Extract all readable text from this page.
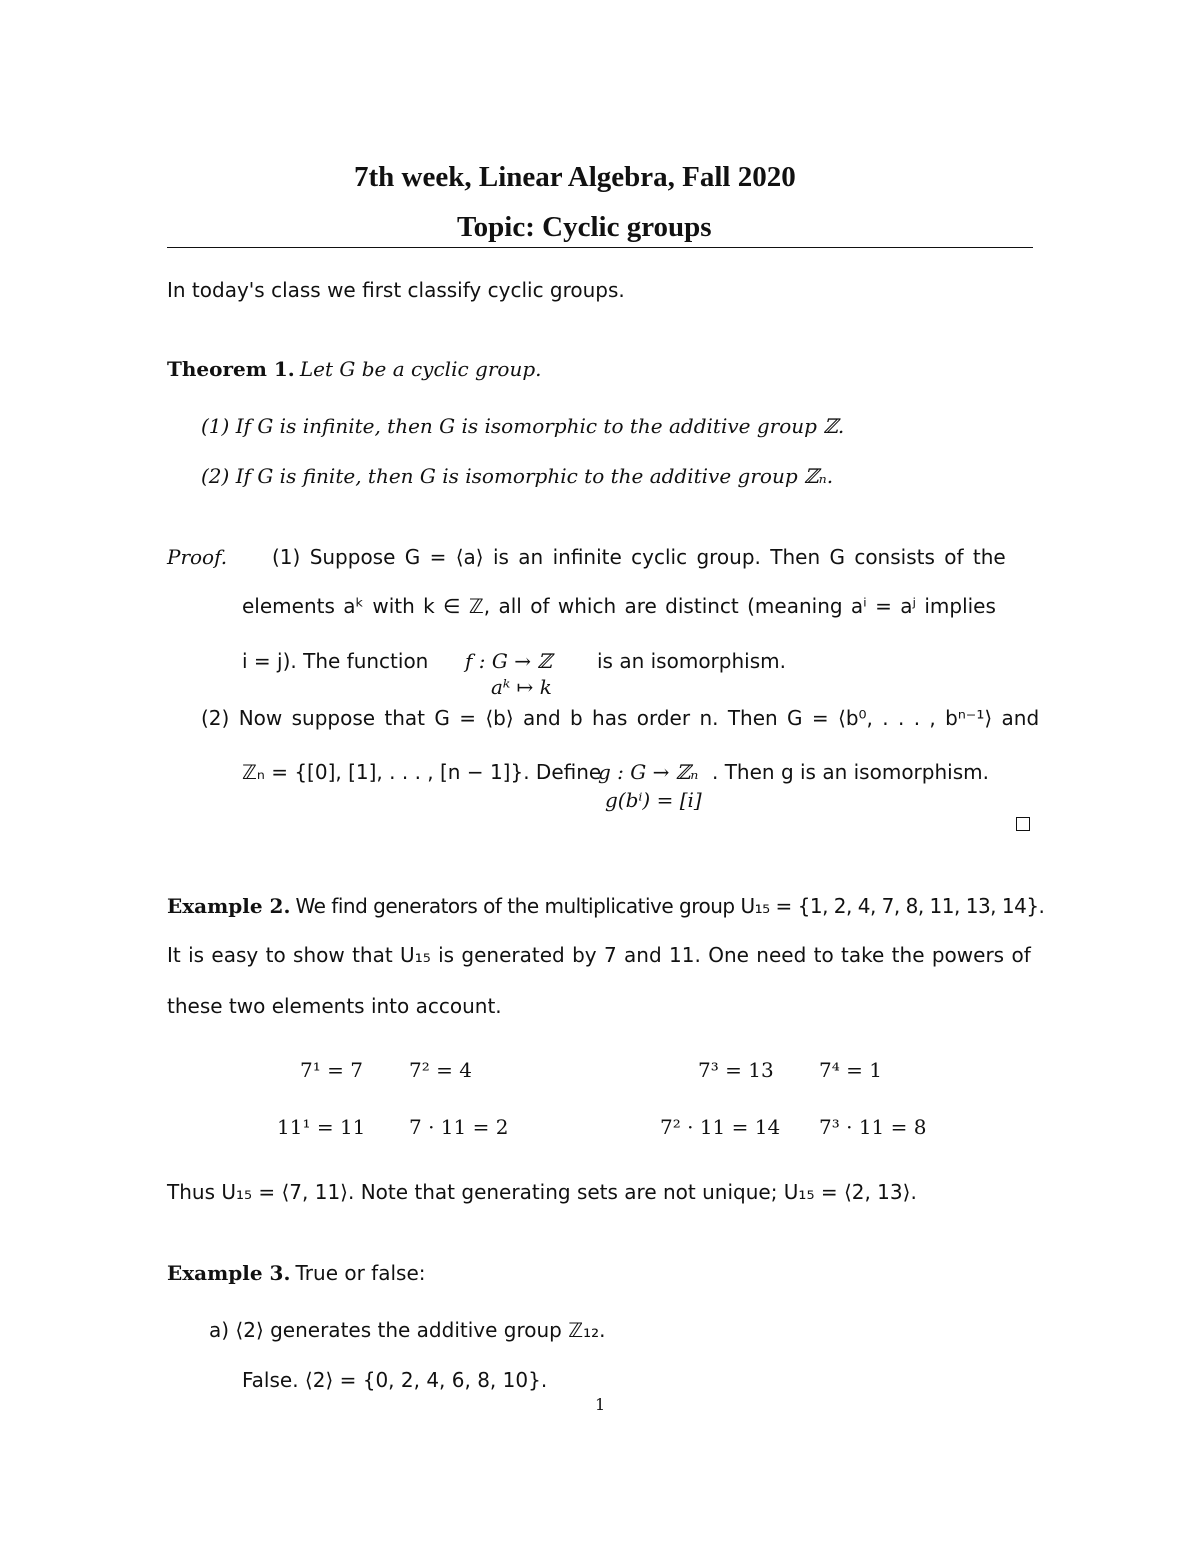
7th week, Linear Algebra, Fall 2020
Topic: Cyclic groups
In today's class we first classify cyclic groups.
Theorem 1. Let G be a cyclic group.
(1) If G is infinite, then G is isomorphic to the additive group ℤ.
(2) If G is finite, then G is isomorphic to the additive group ℤₙ.
Proof. (1) Suppose G = ⟨a⟩ is an infinite cyclic group. Then G consists of the
elements aᵏ with k ∈ ℤ, all of which are distinct (meaning aⁱ = aʲ implies
i = j). The function f : G → ℤ
aᵏ ↦ k
is an isomorphism.
(2) Now suppose that G = ⟨b⟩ and b has order n. Then G = ⟨b⁰, . . . , bⁿ⁻¹⟩ and
ℤₙ = {[0], [1], . . . , [n − 1]}. Define
g : G → ℤₙ
g(bⁱ) = [i]
. Then g is an isomorphism.
Example 2. We find generators of the multiplicative group U₁₅ = {1, 2, 4, 7, 8, 11, 13, 14}.
It is easy to show that U₁₅ is generated by 7 and 11. One need to take the powers of
these two elements into account.
7¹ = 7 7² = 4	7³ = 13 7⁴ = 1
11¹ = 11 7 · 11 = 2	7² · 11 = 14 7³ · 11 = 8
Thus U₁₅ = ⟨7, 11⟩. Note that generating sets are not unique; U₁₅ = ⟨2, 13⟩.
Example 3. True or false:
a) ⟨2⟩ generates the additive group ℤ₁₂.
False. ⟨2⟩ = {0, 2, 4, 6, 8, 10}.
1
